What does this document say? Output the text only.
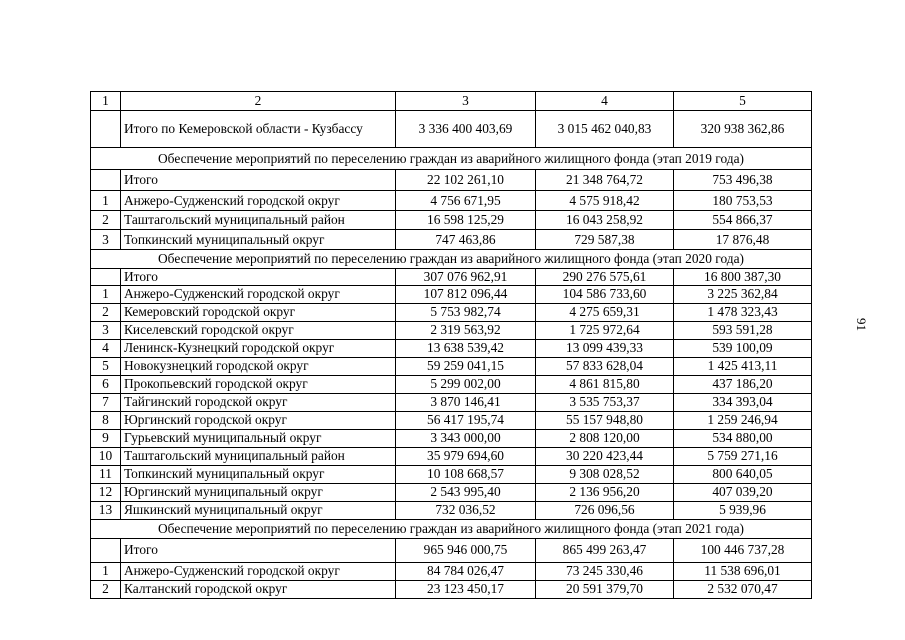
1	2	3	4	5
	Итого по Кемеровской области - Кузбассу	3 336 400 403,69	3 015 462 040,83	320 938 362,86
Обеспечение мероприятий по переселению граждан из аварийного жилищного фонда (этап 2019 года)				
	Итого	22 102 261,10	21 348 764,72	753 496,38
1	Анжеро-Судженский городской округ	4 756 671,95	4 575 918,42	180 753,53
2	Таштагольский муниципальный район	16 598 125,29	16 043 258,92	554 866,37
3	Топкинский муниципальный округ	747 463,86	729 587,38	17 876,48
Обеспечение мероприятий по переселению граждан из аварийного жилищного фонда (этап 2020 года)				
	Итого	307 076 962,91	290 276 575,61	16 800 387,30
1	Анжеро-Судженский городской округ	107 812 096,44	104 586 733,60	3 225 362,84
2	Кемеровский городской округ	5 753 982,74	4 275 659,31	1 478 323,43
3	Киселевский городской округ	2 319 563,92	1 725 972,64	593 591,28
4	Ленинск-Кузнецкий городской округ	13 638 539,42	13 099 439,33	539 100,09
5	Новокузнецкий городской округ	59 259 041,15	57 833 628,04	1 425 413,11
6	Прокопьевский городской округ	5 299 002,00	4 861 815,80	437 186,20
7	Тайгинский городской округ	3 870 146,41	3 535 753,37	334 393,04
8	Юргинский городской округ	56 417 195,74	55 157 948,80	1 259 246,94
9	Гурьевский муниципальный округ	3 343 000,00	2 808 120,00	534 880,00
10	Таштагольский муниципальный район	35 979 694,60	30 220 423,44	5 759 271,16
11	Топкинский муниципальный округ	10 108 668,57	9 308 028,52	800 640,05
12	Юргинский муниципальный округ	2 543 995,40	2 136 956,20	407 039,20
13	Яшкинский муниципальный округ	732 036,52	726 096,56	5 939,96
Обеспечение мероприятий по переселению граждан из аварийного жилищного фонда (этап 2021 года)				
	Итого	965 946 000,75	865 499 263,47	100 446 737,28
1	Анжеро-Судженский городской округ	84 784 026,47	73 245 330,46	11 538 696,01
2	Калтанский городской округ	23 123 450,17	20 591 379,70	2 532 070,47
91
